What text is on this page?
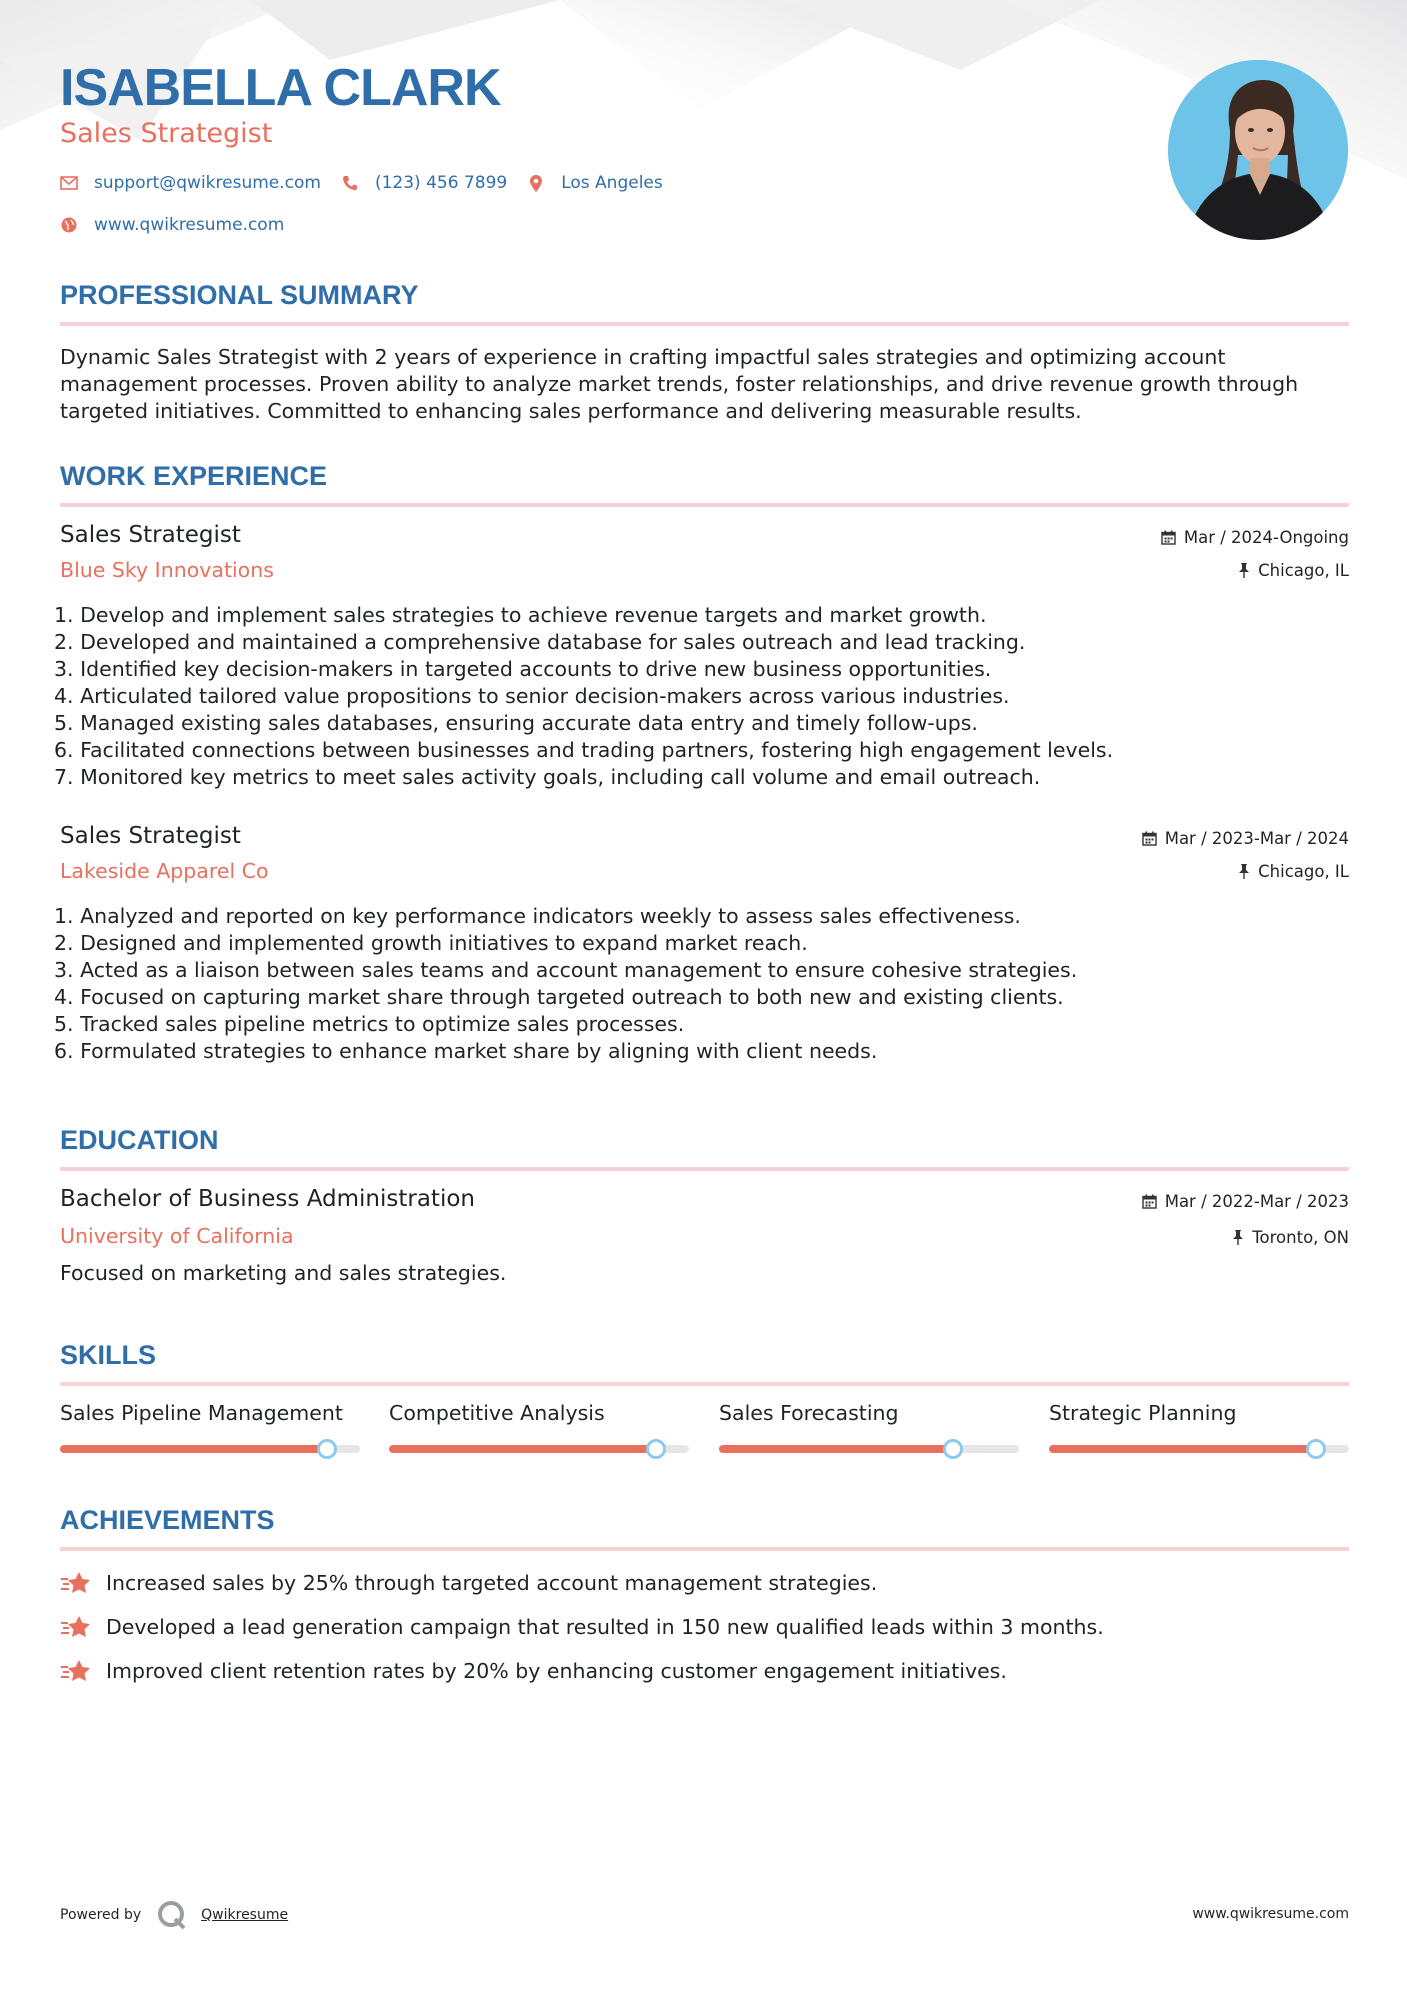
ISABELLA CLARK
Sales Strategist
support@qwikresume.com	(123) 456 7899	Los Angeles
www.qwikresume.com
PROFESSIONAL SUMMARY
Dynamic Sales Strategist with 2 years of experience in crafting impactful sales strategies and optimizing account
management processes. Proven ability to analyze market trends, foster relationships, and drive revenue growth through
targeted initiatives. Committed to enhancing sales performance and delivering measurable results.
WORK EXPERIENCE
Sales Strategist
Blue Sky Innovations
Mar / 2024-Ongoing
Chicago, IL
1. Develop and implement sales strategies to achieve revenue targets and market growth.
2. Developed and maintained a comprehensive database for sales outreach and lead tracking.
3. Identified key decision-makers in targeted accounts to drive new business opportunities.
4. Articulated tailored value propositions to senior decision-makers across various industries.
5. Managed existing sales databases, ensuring accurate data entry and timely follow-ups.
6. Facilitated connections between businesses and trading partners, fostering high engagement levels.
7. Monitored key metrics to meet sales activity goals, including call volume and email outreach.
Sales Strategist
Lakeside Apparel Co
Mar / 2023-Mar / 2024
Chicago, IL
1. Analyzed and reported on key performance indicators weekly to assess sales effectiveness.
2. Designed and implemented growth initiatives to expand market reach.
3. Acted as a liaison between sales teams and account management to ensure cohesive strategies.
4. Focused on capturing market share through targeted outreach to both new and existing clients.
5. Tracked sales pipeline metrics to optimize sales processes.
6. Formulated strategies to enhance market share by aligning with client needs.
EDUCATION
Bachelor of Business Administration
University of California
Mar / 2022-Mar / 2023
Toronto, ON
Focused on marketing and sales strategies.
SKILLS
Sales Pipeline Management	Competitive Analysis	Sales Forecasting	Strategic Planning
ACHIEVEMENTS
Increased sales by 25% through targeted account management strategies.
Developed a lead generation campaign that resulted in 150 new qualified leads within 3 months.
Improved client retention rates by 20% by enhancing customer engagement initiatives.
Powered by	Qwikresume	www.qwikresume.com
